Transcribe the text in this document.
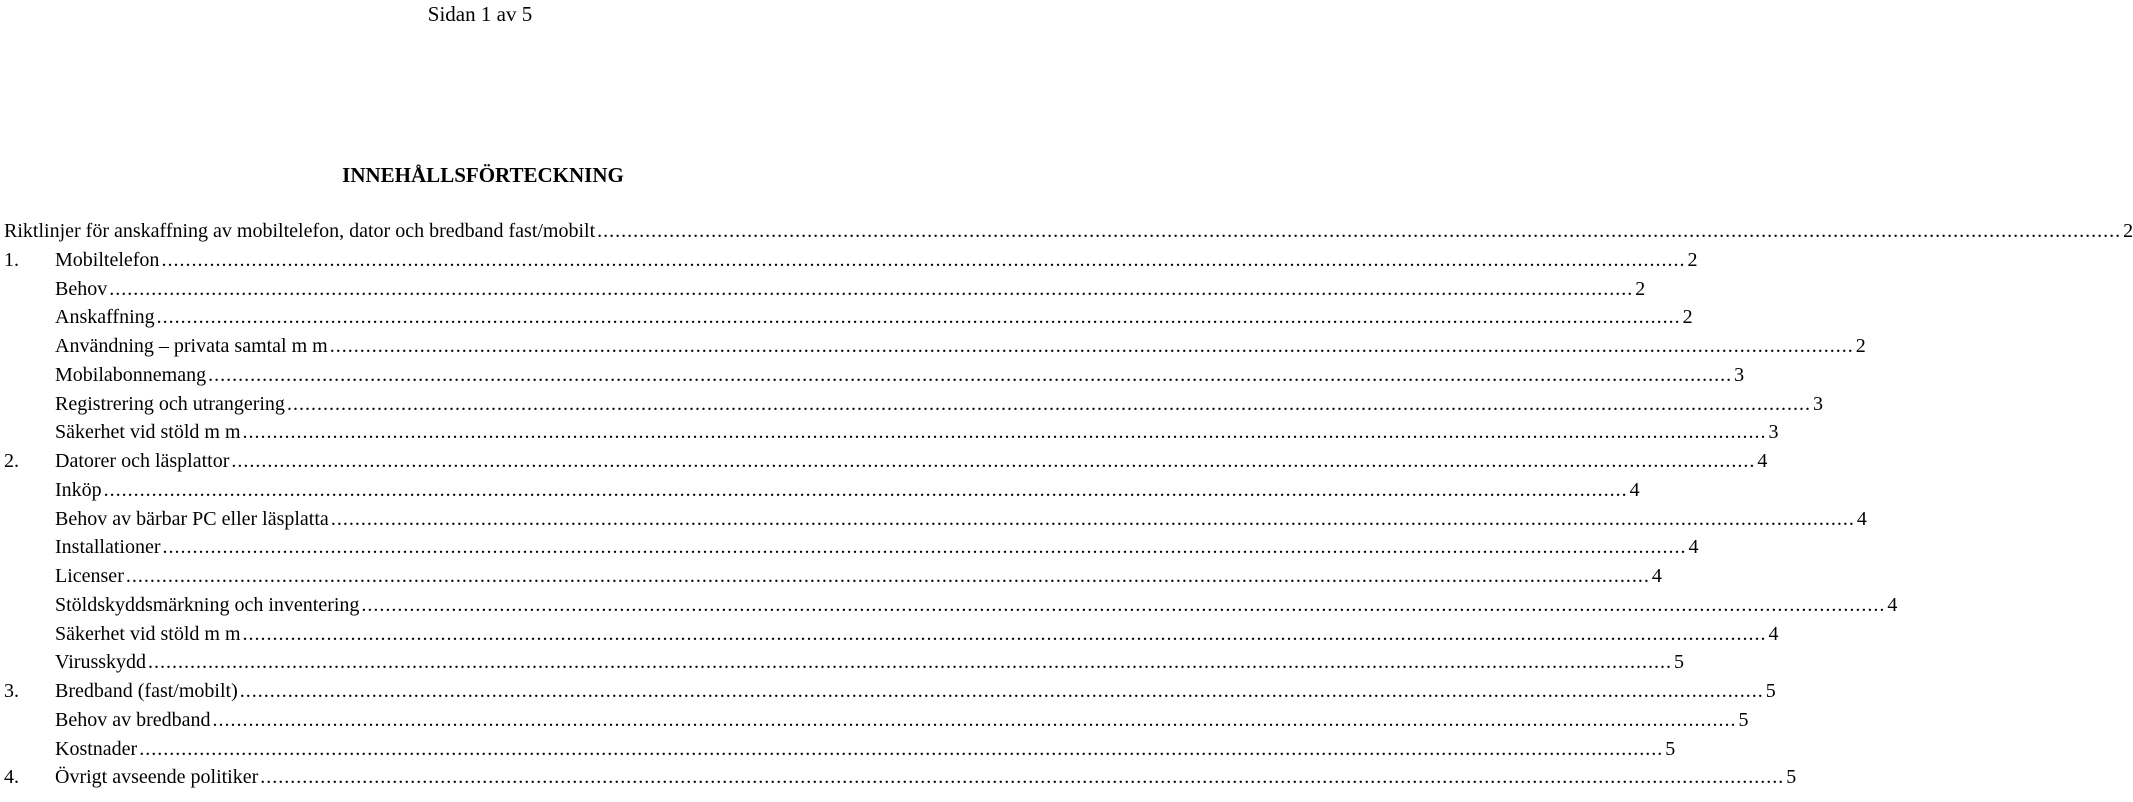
Sidan 1 av 5
INNEHÅLLSFÖRTECKNING
Riktlinjer för anskaffning av mobiltelefon, dator och bredband fast/mobilt .....	2
1.	Mobiltelefon .....	2
Behov .....	2
Anskaffning .....	2
Användning – privata samtal m m .....	2
Mobilabonnemang .....	3
Registrering och utrangering .....	3
Säkerhet vid stöld m m .....	3
2.	Datorer och läsplattor .....	4
Inköp .....	4
Behov av bärbar PC eller läsplatta .....	4
Installationer .....	4
Licenser .....	4
Stöldskyddsmärkning och inventering .....	4
Säkerhet vid stöld m m .....	4
Virusskydd .....	5
3.	Bredband (fast/mobilt) .....	5
Behov av bredband .....	5
Kostnader .....	5
4.	Övrigt avseende politiker .....	5
